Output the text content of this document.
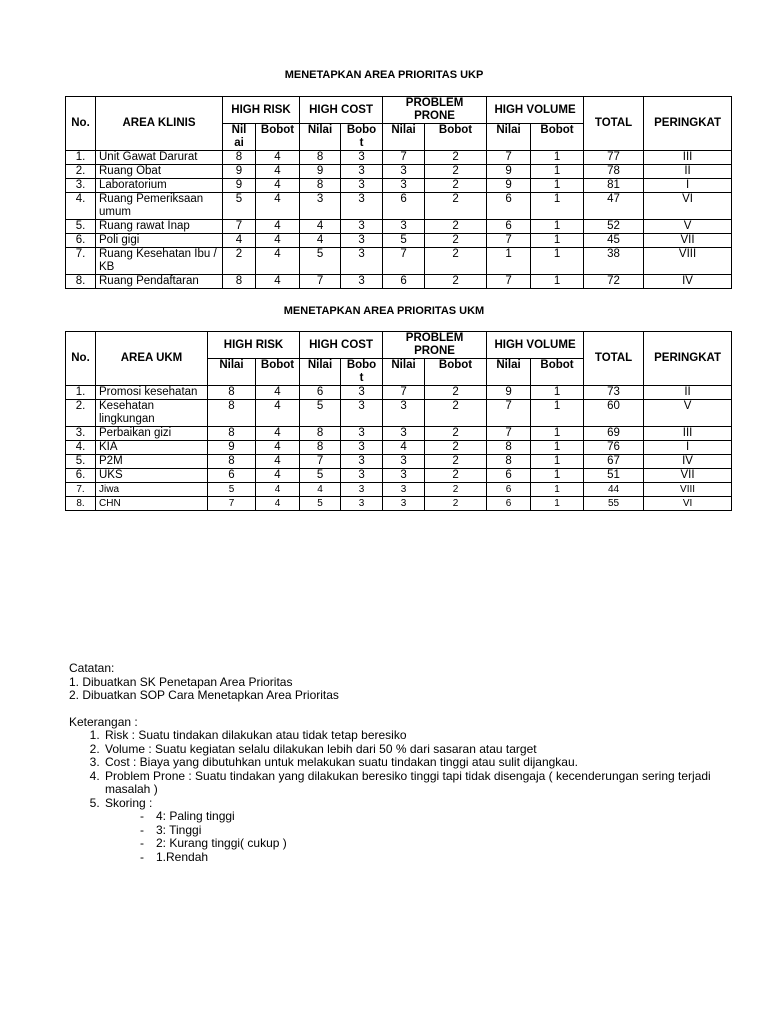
MENETAPKAN AREA PRIORITAS UKP
No.	AREA KLINIS	HIGH RISK		HIGH COST		PROBLEM PRONE		HIGH VOLUME		TOTAL	PERINGKAT
		Nil ai	Bobot	Nilai	Bobo t	Nilai	Bobot	Nilai	Bobot		
1.	Unit Gawat Darurat	8	4	8	3	7	2	7	1	77	III
2.	Ruang Obat	9	4	9	3	3	2	9	1	78	II
3.	Laboratorium	9	4	8	3	3	2	9	1	81	I
4.	Ruang Pemeriksaan umum	5	4	3	3	6	2	6	1	47	VI
5.	Ruang rawat Inap	7	4	4	3	3	2	6	1	52	V
6.	Poli gigi	4	4	4	3	5	2	7	1	45	VII
7.	Ruang Kesehatan Ibu / KB	2	4	5	3	7	2	1	1	38	VIII
8.	Ruang Pendaftaran	8	4	7	3	6	2	7	1	72	IV
MENETAPKAN AREA PRIORITAS UKM
No.	AREA UKM	HIGH RISK		HIGH COST		PROBLEM PRONE		HIGH VOLUME		TOTAL	PERINGKAT
		Nilai	Bobot	Nilai	Bobo t	Nilai	Bobot	Nilai	Bobot		
1.	Promosi kesehatan	8	4	6	3	7	2	9	1	73	II
2.	Kesehatan lingkungan	8	4	5	3	3	2	7	1	60	V
3.	Perbaikan gizi	8	4	8	3	3	2	7	1	69	III
4.	KIA	9	4	8	3	4	2	8	1	76	I
5.	P2M	8	4	7	3	3	2	8	1	67	IV
6.	UKS	6	4	5	3	3	2	6	1	51	VII
7.	Jiwa	5	4	4	3	3	2	6	1	44	VIII
8.	CHN	7	4	5	3	3	2	6	1	55	VI

Catatan:

1. Dibuatkan SK Penetapan Area Prioritas

2. Dibuatkan SOP Cara Menetapkan Area Prioritas

Keterangan :

1. Risk : Suatu tindakan dilakukan atau tidak tetap beresiko
2. Volume : Suatu kegiatan selalu dilakukan lebih dari 50 % dari sasaran atau target
3. Cost : Biaya yang dibutuhkan untuk melakukan suatu tindakan tinggi atau sulit dijangkau.
4. Problem Prone : Suatu tindakan yang dilakukan beresiko tinggi tapi tidak disengaja ( kecenderungan sering terjadi masalah )
5. Skoring :
- 4: Paling tinggi
- 3: Tinggi
- 2: Kurang tinggi( cukup )
- 1.Rendah
